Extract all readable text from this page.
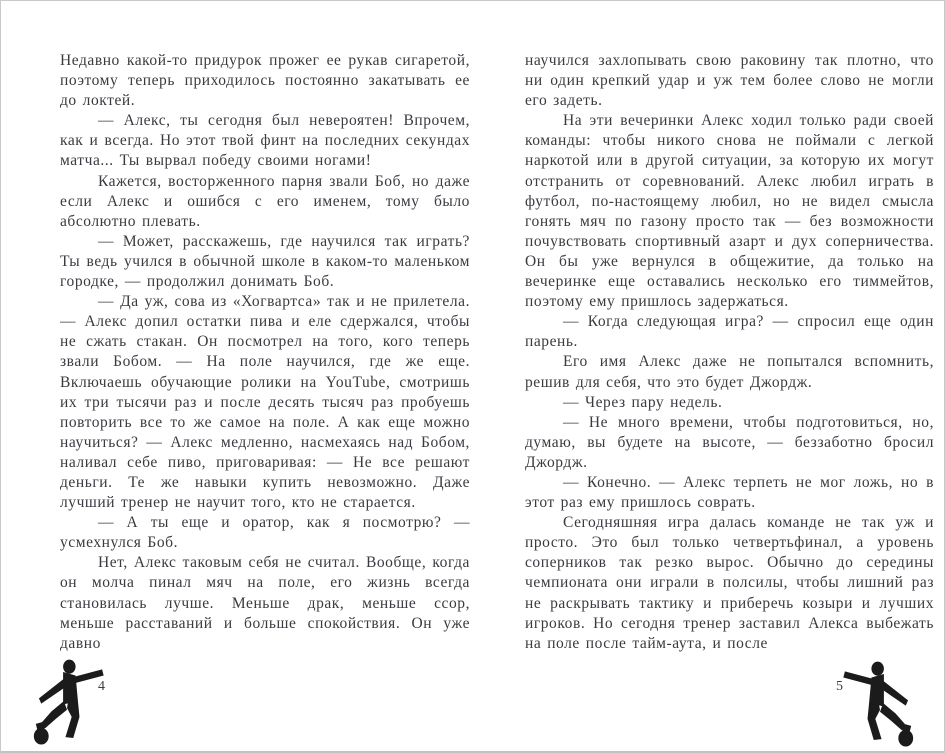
Недавно какой-то придурок прожег ее рукав сигаретой, поэтому теперь приходилось постоянно закатывать ее до локтей.

— Алекс, ты сегодня был невероятен! Впрочем, как и всегда. Но этот твой финт на последних секундах матча... Ты вырвал победу своими ногами!

Кажется, восторженного парня звали Боб, но даже если Алекс и ошибся с его именем, тому было абсолютно плевать.

— Может, расскажешь, где научился так играть? Ты ведь учился в обычной школе в каком-то маленьком городке, — продолжил донимать Боб.

— Да уж, сова из «Хогвартса» так и не прилетела. — Алекс допил остатки пива и еле сдержался, чтобы не сжать стакан. Он посмотрел на того, кого теперь звали Бобом. — На поле научился, где же еще. Включаешь обучающие ролики на YouTube, смотришь их три тысячи раз и после десять тысяч раз пробуешь повторить все то же самое на поле. А как еще можно научиться? — Алекс медленно, насмехаясь над Бобом, наливал себе пиво, приговаривая: — Не все решают деньги. Те же навыки купить невозможно. Даже лучший тренер не научит того, кто не старается.

— А ты еще и оратор, как я посмотрю? — усмехнулся Боб.

Нет, Алекс таковым себя не считал. Вообще, когда он молча пинал мяч на поле, его жизнь всегда становилась лучше. Меньше драк, меньше ссор, меньше расставаний и больше спокойствия. Он уже давно

научился захлопывать свою раковину так плотно, что ни один крепкий удар и уж тем более слово не могли его задеть.

На эти вечеринки Алекс ходил только ради своей команды: чтобы никого снова не поймали с легкой наркотой или в другой ситуации, за которую их могут отстранить от соревнований. Алекс любил играть в футбол, по-настоящему любил, но не видел смысла гонять мяч по газону просто так — без возможности почувствовать спортивный азарт и дух соперничества. Он бы уже вернулся в общежитие, да только на вечеринке еще оставались несколько его тиммейтов, поэтому ему пришлось задержаться.

— Когда следующая игра? — спросил еще один парень.

Его имя Алекс даже не попытался вспомнить, решив для себя, что это будет Джордж.

— Через пару недель.

— Не много времени, чтобы подготовиться, но, думаю, вы будете на высоте, — беззаботно бросил Джордж.

— Конечно. — Алекс терпеть не мог ложь, но в этот раз ему пришлось соврать.

Сегодняшняя игра далась команде не так уж и просто. Это был только четвертьфинал, а уровень соперников так резко вырос. Обычно до середины чемпионата они играли в полсилы, чтобы лишний раз не раскрывать тактику и приберечь козыри и лучших игроков. Но сегодня тренер заставил Алекса выбежать на поле после тайм-аута, и после

4	5
